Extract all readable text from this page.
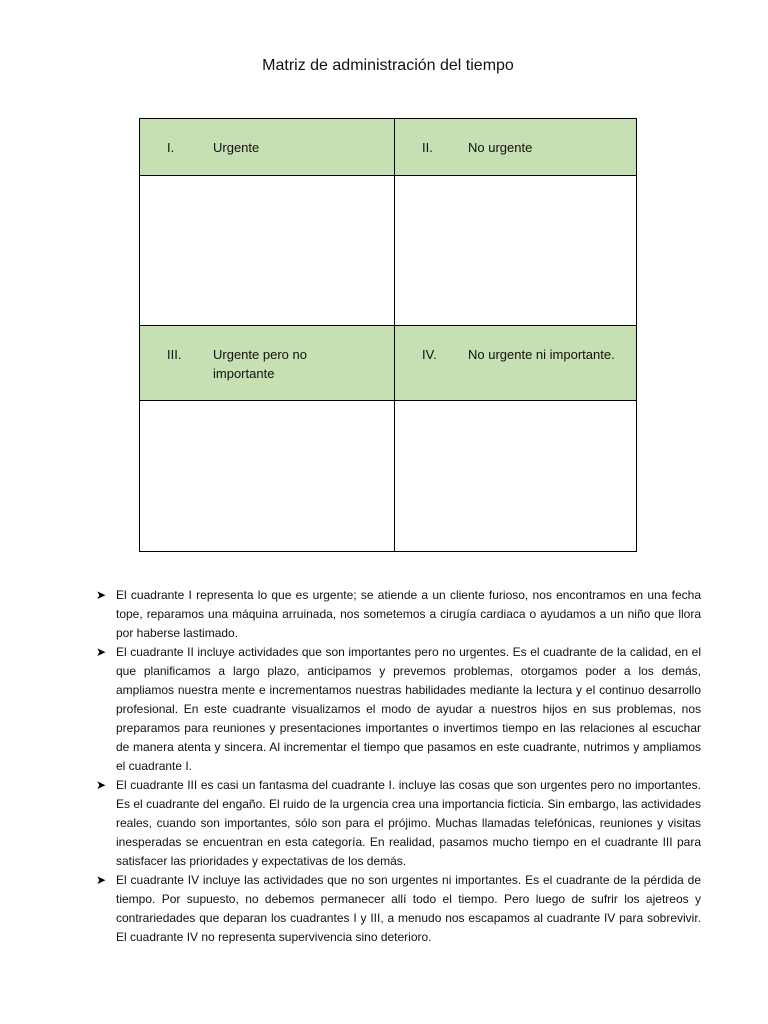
Matriz de administración del tiempo
I. Urgente	II. No urgente

III. Urgente pero no importante	IV. No urgente ni importante.

➤ El cuadrante I representa lo que es urgente; se atiende a un cliente furioso, nos encontramos en una fecha tope, reparamos una máquina arruinada, nos sometemos a cirugía cardiaca o ayudamos a un niño que llora por haberse lastimado.
➤ El cuadrante II incluye actividades que son importantes pero no urgentes. Es el cuadrante de la calidad, en el que planificamos a largo plazo, anticipamos y prevemos problemas, otorgamos poder a los demás, ampliamos nuestra mente e incrementamos nuestras habilidades mediante la lectura y el continuo desarrollo profesional. En este cuadrante visualizamos el modo de ayudar a nuestros hijos en sus problemas, nos preparamos para reuniones y presentaciones importantes o invertimos tiempo en las relaciones al escuchar de manera atenta y sincera. Al incrementar el tiempo que pasamos en este cuadrante, nutrimos y ampliamos el cuadrante I.
➤ El cuadrante III es casi un fantasma del cuadrante I. incluye las cosas que son urgentes pero no importantes. Es el cuadrante del engaño. El ruido de la urgencia crea una importancia ficticia. Sin embargo, las actividades reales, cuando son importantes, sólo son para el prójimo. Muchas llamadas telefónicas, reuniones y visitas inesperadas se encuentran en esta categoría. En realidad, pasamos mucho tiempo en el cuadrante III para satisfacer las prioridades y expectativas de los demás.
➤ El cuadrante IV incluye las actividades que no son urgentes ni importantes. Es el cuadrante de la pérdida de tiempo. Por supuesto, no debemos permanecer allí todo el tiempo. Pero luego de sufrir los ajetreos y contrariedades que deparan los cuadrantes I y III, a menudo nos escapamos al cuadrante IV para sobrevivir. El cuadrante IV no representa supervivencia sino deterioro.
